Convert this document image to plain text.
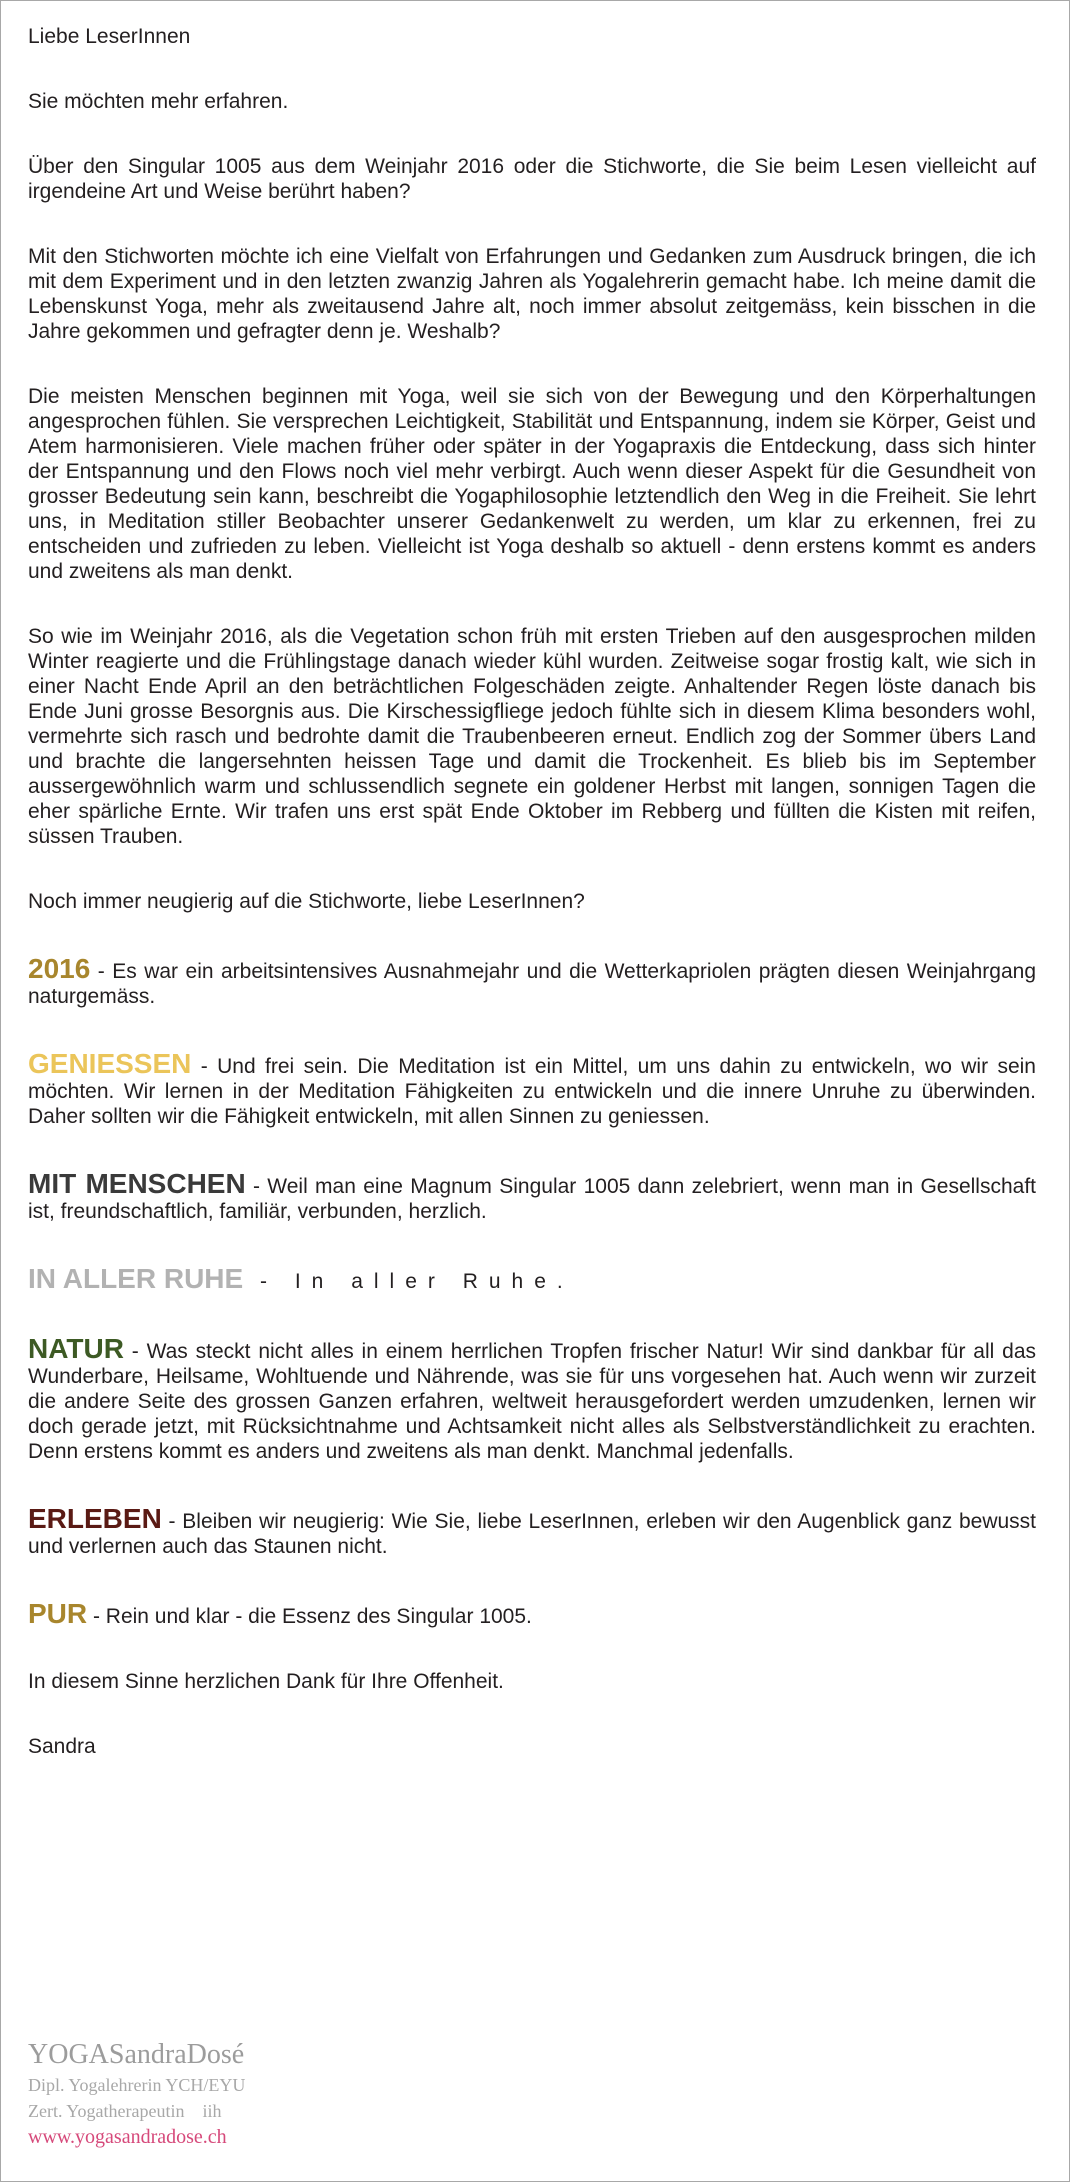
Liebe LeserInnen

Sie möchten mehr erfahren.

Über den Singular 1005 aus dem Weinjahr 2016 oder die Stichworte, die Sie beim Lesen vielleicht auf irgendeine Art und Weise berührt haben?

Mit den Stichworten möchte ich eine Vielfalt von Erfahrungen und Gedanken zum Ausdruck bringen, die ich mit dem Experiment und in den letzten zwanzig Jahren als Yogalehrerin gemacht habe. Ich meine damit die Lebenskunst Yoga, mehr als zweitausend Jahre alt, noch immer absolut zeitgemäss, kein bisschen in die Jahre gekommen und gefragter denn je. Weshalb?

Die meisten Menschen beginnen mit Yoga, weil sie sich von der Bewegung und den Körperhaltungen angesprochen fühlen. Sie versprechen Leichtigkeit, Stabilität und Entspannung, indem sie Körper, Geist und Atem harmonisieren. Viele machen früher oder später in der Yogapraxis die Entdeckung, dass sich hinter der Entspannung und den Flows noch viel mehr verbirgt. Auch wenn dieser Aspekt für die Gesundheit von grosser Bedeutung sein kann, beschreibt die Yogaphilosophie letztendlich den Weg in die Freiheit. Sie lehrt uns, in Meditation stiller Beobachter unserer Gedankenwelt zu werden, um klar zu erkennen, frei zu entscheiden und zufrieden zu leben. Vielleicht ist Yoga deshalb so aktuell - denn erstens kommt es anders und zweitens als man denkt.

So wie im Weinjahr 2016, als die Vegetation schon früh mit ersten Trieben auf den ausgesprochen milden Winter reagierte und die Frühlingstage danach wieder kühl wurden. Zeitweise sogar frostig kalt, wie sich in einer Nacht Ende April an den beträchtlichen Folgeschäden zeigte. Anhaltender Regen löste danach bis Ende Juni grosse Besorgnis aus. Die Kirschessigfliege jedoch fühlte sich in diesem Klima besonders wohl, vermehrte sich rasch und bedrohte damit die Traubenbeeren erneut. Endlich zog der Sommer übers Land und brachte die langersehnten heissen Tage und damit die Trockenheit. Es blieb bis im September aussergewöhnlich warm und schlussendlich segnete ein goldener Herbst mit langen, sonnigen Tagen die eher spärliche Ernte. Wir trafen uns erst spät Ende Oktober im Rebberg und füllten die Kisten mit reifen, süssen Trauben.

Noch immer neugierig auf die Stichworte, liebe LeserInnen?

2016 - Es war ein arbeitsintensives Ausnahmejahr und die Wetterkapriolen prägten diesen Weinjahrgang naturgemäss.

GENIESSEN - Und frei sein. Die Meditation ist ein Mittel, um uns dahin zu entwickeln, wo wir sein möchten. Wir lernen in der Meditation Fähigkeiten zu entwickeln und die innere Unruhe zu überwinden. Daher sollten wir die Fähigkeit entwickeln, mit allen Sinnen zu geniessen.

MIT MENSCHEN - Weil man eine Magnum Singular 1005 dann zelebriert, wenn man in Gesellschaft ist, freundschaftlich, familiär, verbunden, herzlich.

IN ALLER RUHE - In aller Ruhe.

NATUR - Was steckt nicht alles in einem herrlichen Tropfen frischer Natur! Wir sind dankbar für all das Wunderbare, Heilsame, Wohltuende und Nährende, was sie für uns vorgesehen hat. Auch wenn wir zurzeit die andere Seite des grossen Ganzen erfahren, weltweit herausgefordert werden umzudenken, lernen wir doch gerade jetzt, mit Rücksichtnahme und Achtsamkeit nicht alles als Selbstverständlichkeit zu erachten. Denn erstens kommt es anders und zweitens als man denkt. Manchmal jedenfalls.

ERLEBEN - Bleiben wir neugierig: Wie Sie, liebe LeserInnen, erleben wir den Augenblick ganz bewusst und verlernen auch das Staunen nicht.

PUR - Rein und klar - die Essenz des Singular 1005.

In diesem Sinne herzlichen Dank für Ihre Offenheit.

Sandra

YOGASandraDosé
Dipl. Yogalehrerin YCH/EYU
Zert. Yogatherapeutin    iih
www.yogasandradose.ch
